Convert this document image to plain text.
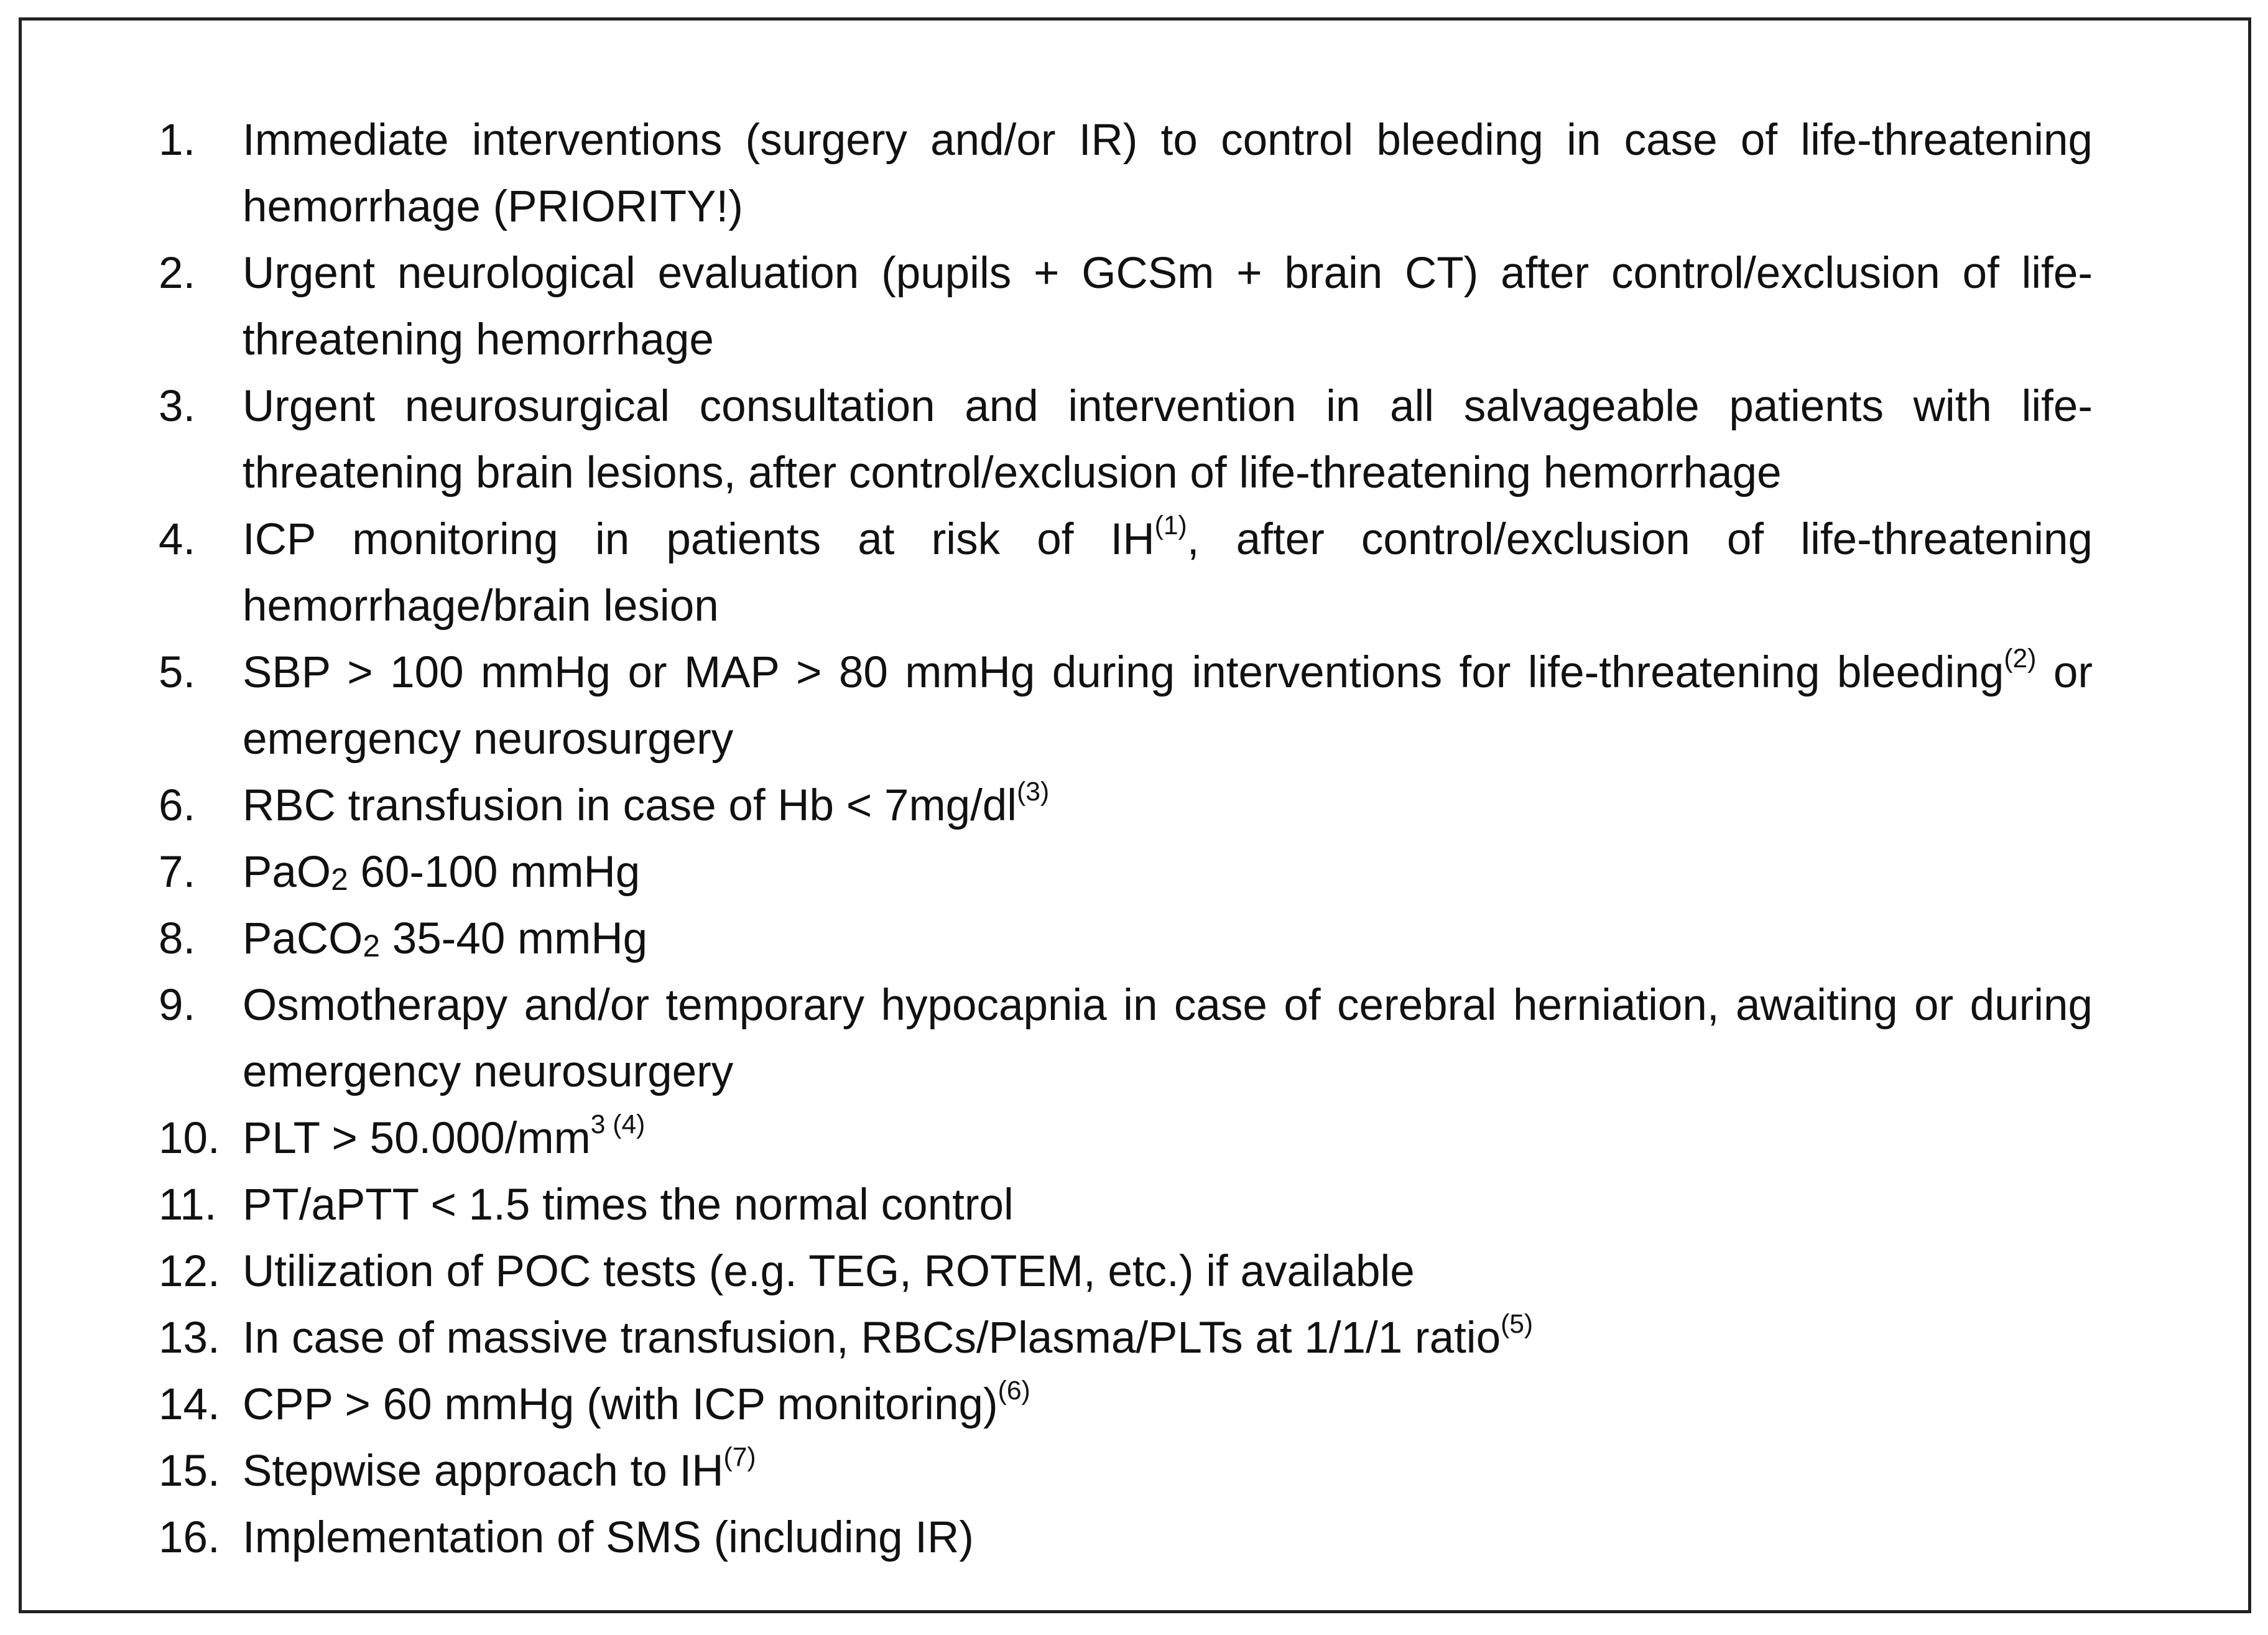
1. Immediate interventions (surgery and/or IR) to control bleeding in case of life-threatening hemorrhage (PRIORITY!)
2. Urgent neurological evaluation (pupils + GCSm + brain CT) after control/exclusion of life-threatening hemorrhage
3. Urgent neurosurgical consultation and intervention in all salvageable patients with life-threatening brain lesions, after control/exclusion of life-threatening hemorrhage
4. ICP monitoring in patients at risk of IH$^{(1)}$, after control/exclusion of life-threatening hemorrhage/brain lesion
5. SBP > 100 mmHg or MAP > 80 mmHg during interventions for life-threatening bleeding$^{(2)}$ or emergency neurosurgery
6. RBC transfusion in case of $Hb < 7mg/dl^{(3)}$
7. PaO$_2$ 60-100 mmHg
8. PaCO$_2$ 35-40 mmHg
9. Osmotherapy and/or temporary hypocapnia in case of cerebral herniation, awaiting or during emergency neurosurgery
10. PLT > $50.000/mm^{3 (4)}$
11. PT/aPTT < 1.5 times the normal control
12. Utilization of POC tests (e.g. TEG, ROTEM, etc.) if available
13. In case of massive transfusion, RBCs/Plasma/PLTs at 1/1/1 ratio$^{(5)}$
14. CPP > 60 mmHg (with ICP monitoring)$^{(6)}$
15. Stepwise approach to IH$^{(7)}$
16. Implementation of SMS (including IR)
